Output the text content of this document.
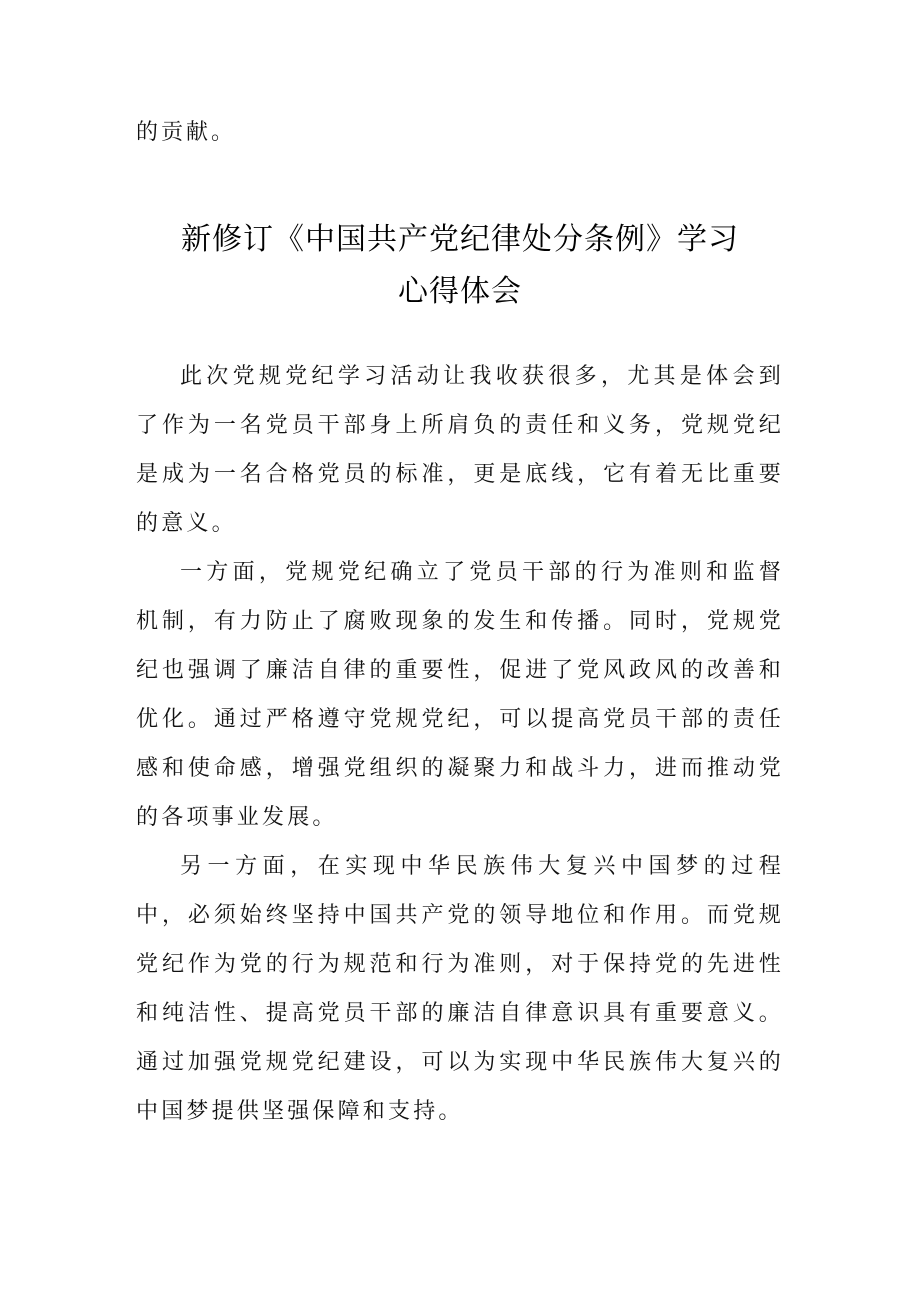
的贡献。

新修订《中国共产党纪律处分条例》学习
心得体会

此次党规党纪学习活动让我收获很多，尤其是体会到了作为一名党员干部身上所肩负的责任和义务，党规党纪是成为一名合格党员的标准，更是底线，它有着无比重要的意义。

一方面，党规党纪确立了党员干部的行为准则和监督机制，有力防止了腐败现象的发生和传播。同时，党规党纪也强调了廉洁自律的重要性，促进了党风政风的改善和优化。通过严格遵守党规党纪，可以提高党员干部的责任感和使命感，增强党组织的凝聚力和战斗力，进而推动党的各项事业发展。

另一方面，在实现中华民族伟大复兴中国梦的过程中，必须始终坚持中国共产党的领导地位和作用。而党规党纪作为党的行为规范和行为准则，对于保持党的先进性和纯洁性、提高党员干部的廉洁自律意识具有重要意义。通过加强党规党纪建设，可以为实现中华民族伟大复兴的中国梦提供坚强保障和支持。
